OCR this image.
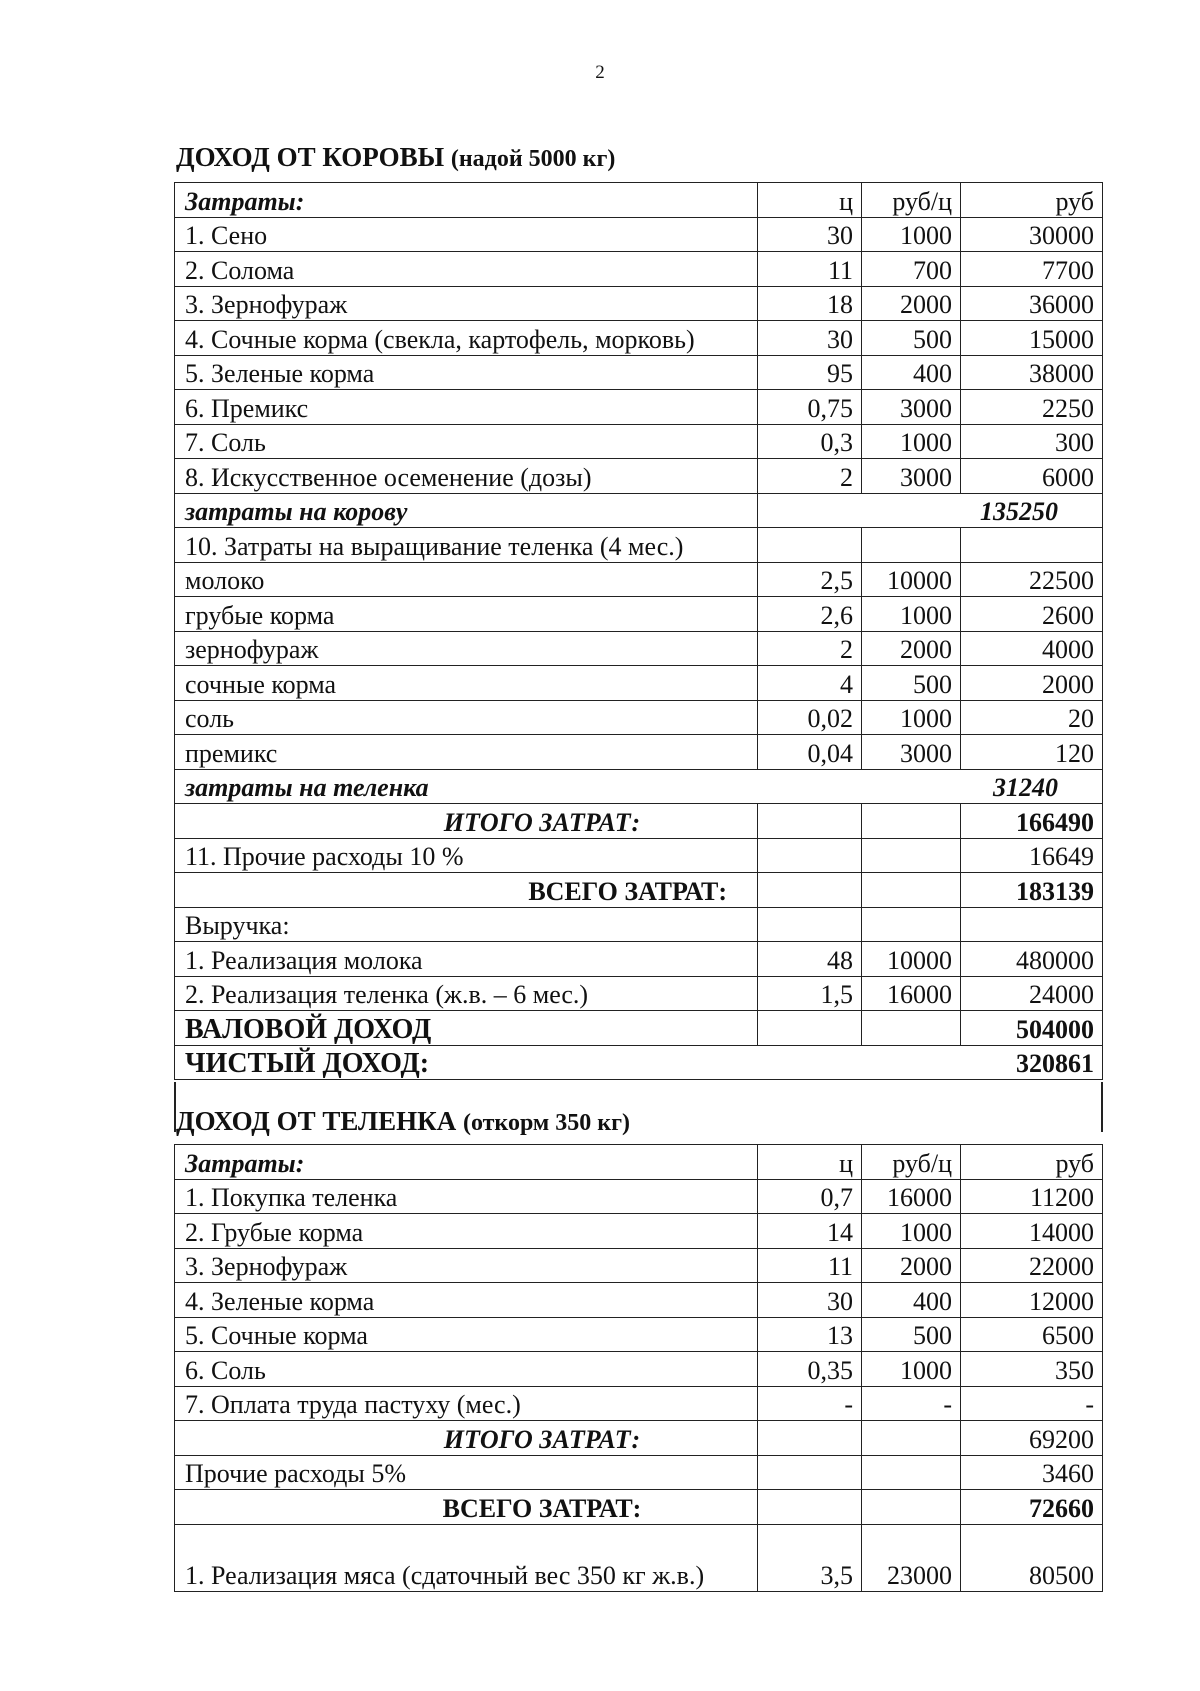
2
ДОХОД ОТ КОРОВЫ (надой 5000 кг)
Затраты:	ц	руб/ц	руб
1. Сено	30	1000	30000
2. Солома	11	700	7700
3. Зернофураж	18	2000	36000
4. Сочные корма (свекла, картофель, морковь)	30	500	15000
5. Зеленые корма	95	400	38000
6. Премикс	0,75	3000	2250
7. Соль	0,3	1000	300
8. Искусственное осеменение (дозы)	2	3000	6000
затраты на корову	135250		
10. Затраты на выращивание теленка (4 мес.)			
молоко	2,5	10000	22500
грубые корма	2,6	1000	2600
зернофураж	2	2000	4000
сочные корма	4	500	2000
соль	0,02	1000	20
премикс	0,04	3000	120
затраты на теленка 31240			

ИТОГО ЗАТРАТ:			166490
11. Прочие расходы 10 %			16649
ВСЕГО ЗАТРАТ:			183139
Выручка:			
1. Реализация молока	48	10000	480000
2. Реализация теленка (ж.в. – 6 мес.)	1,5	16000	24000
ВАЛОВОЙ ДОХОД			504000
ЧИСТЫЙ ДОХОД: 320861			
ДОХОД ОТ ТЕЛЕНКА (откорм 350 кг)
Затраты:	ц	руб/ц	руб
1. Покупка теленка	0,7	16000	11200
2. Грубые корма	14	1000	14000
3. Зернофураж	11	2000	22000
4. Зеленые корма	30	400	12000
5. Сочные корма	13	500	6500
6. Соль	0,35	1000	350
7. Оплата труда пастуху (мес.)	-	-	-
ИТОГО ЗАТРАТ:			69200
Прочие расходы 5%			3460
ВСЕГО ЗАТРАТ:			72660
1. Реализация мяса (сдаточный вес 350 кг ж.в.)	3,5	23000	80500
